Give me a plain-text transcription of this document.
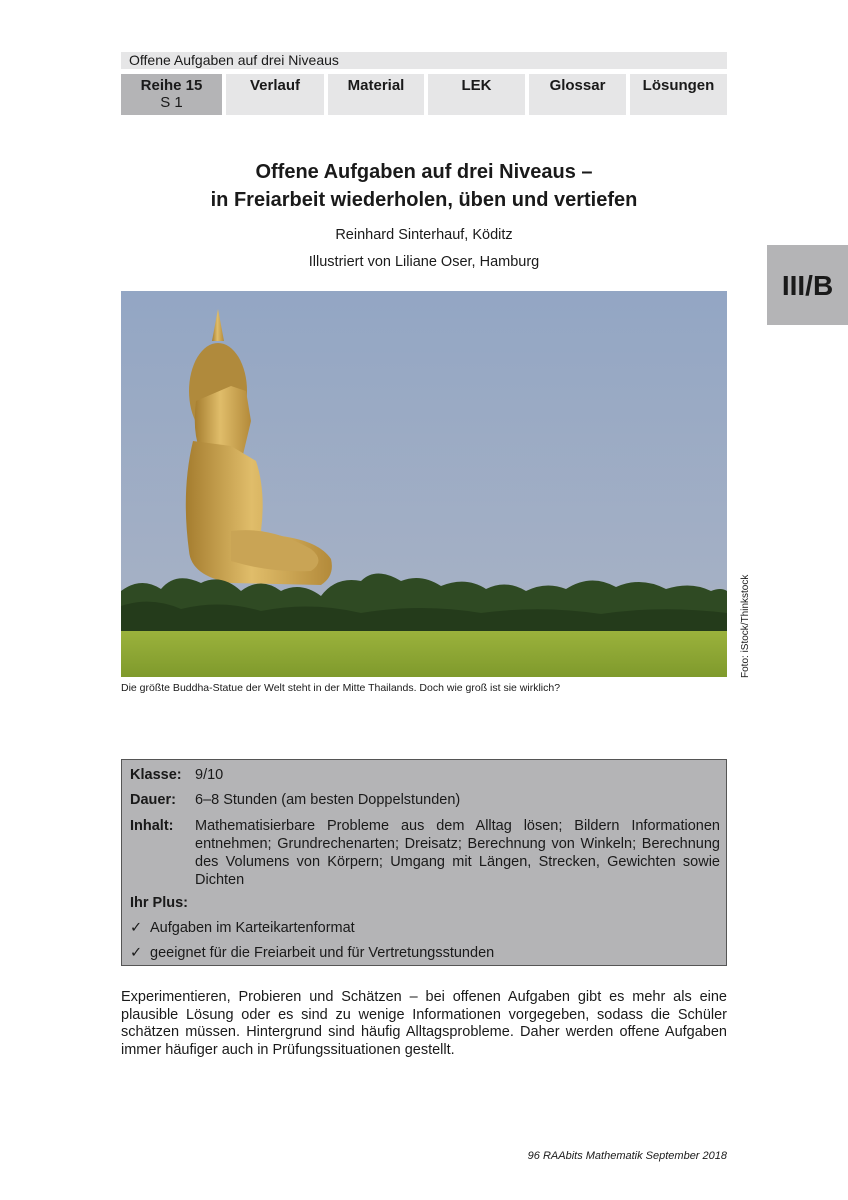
Offene Aufgaben auf drei Niveaus
Reihe 15
S 1
Verlauf	Material	LEK	Glossar	Lösungen
III/B
Offene Aufgaben auf drei Niveaus –
in Freiarbeit wiederholen, üben und vertiefen
Reinhard Sinterhauf, Köditz
Illustriert von Liliane Oser, Hamburg
Foto: iStock/Thinkstock
Die größte Buddha-Statue der Welt steht in der Mitte Thailands. Doch wie groß ist sie wirklich?
Klasse: 9/10
Dauer: 6–8 Stunden (am besten Doppelstunden)
Inhalt: Mathematisierbare Probleme aus dem Alltag lösen; Bildern Informationen entnehmen; Grundrechenarten; Dreisatz; Berechnung von Winkeln; Berechnung des Volumens von Körpern; Umgang mit Längen, Strecken, Gewichten sowie Dichten
Ihr Plus:
✓ Aufgaben im Karteikartenformat
✓ geeignet für die Freiarbeit und für Vertretungsstunden
Experimentieren, Probieren und Schätzen – bei offenen Aufgaben gibt es mehr als eine plausible Lösung oder es sind zu wenige Informationen vorgegeben, sodass die Schüler schätzen müssen. Hintergrund sind häufig Alltagsprobleme. Daher werden offene Aufgaben immer häufiger auch in Prüfungssituationen gestellt.
96 RAAbits Mathematik September 2018
